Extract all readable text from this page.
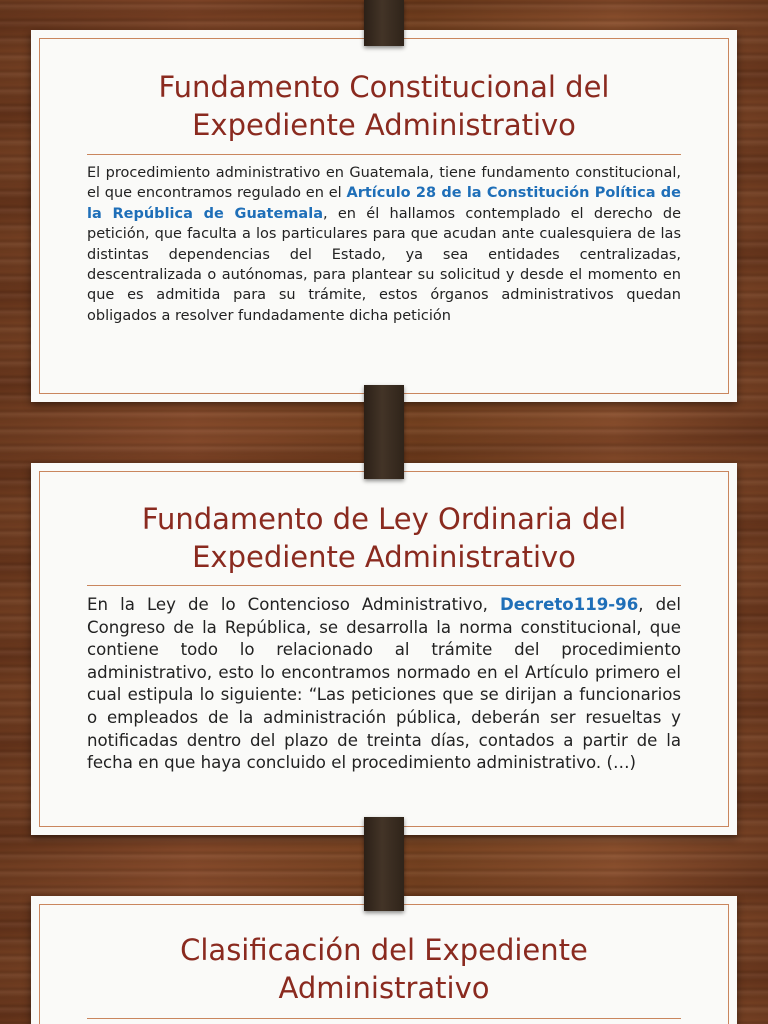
Fundamento Constitucional del
Expediente Administrativo

El procedimiento administrativo en Guatemala, tiene fundamento constitucional, el que encontramos regulado en el Artículo 28 de la Constitución Política de la República de Guatemala, en él hallamos contemplado el derecho de petición, que faculta a los particulares para que acudan ante cualesquiera de las distintas dependencias del Estado, ya sea entidades centralizadas, descentralizada o autónomas, para plantear su solicitud y desde el momento en que es admitida para su trámite, estos órganos administrativos quedan obligados a resolver fundadamente dicha petición

Fundamento de Ley Ordinaria del
Expediente Administrativo

En la Ley de lo Contencioso Administrativo, Decreto119-96, del Congreso de la República, se desarrolla la norma constitucional, que contiene todo lo relacionado al trámite del procedimiento administrativo, esto lo encontramos normado en el Artículo primero el cual estipula lo siguiente: “Las peticiones que se dirijan a funcionarios o empleados de la administración pública, deberán ser resueltas y notificadas dentro del plazo de treinta días, contados a partir de la fecha en que haya concluido el procedimiento administrativo. (…)

Clasificación del Expediente
Administrativo
